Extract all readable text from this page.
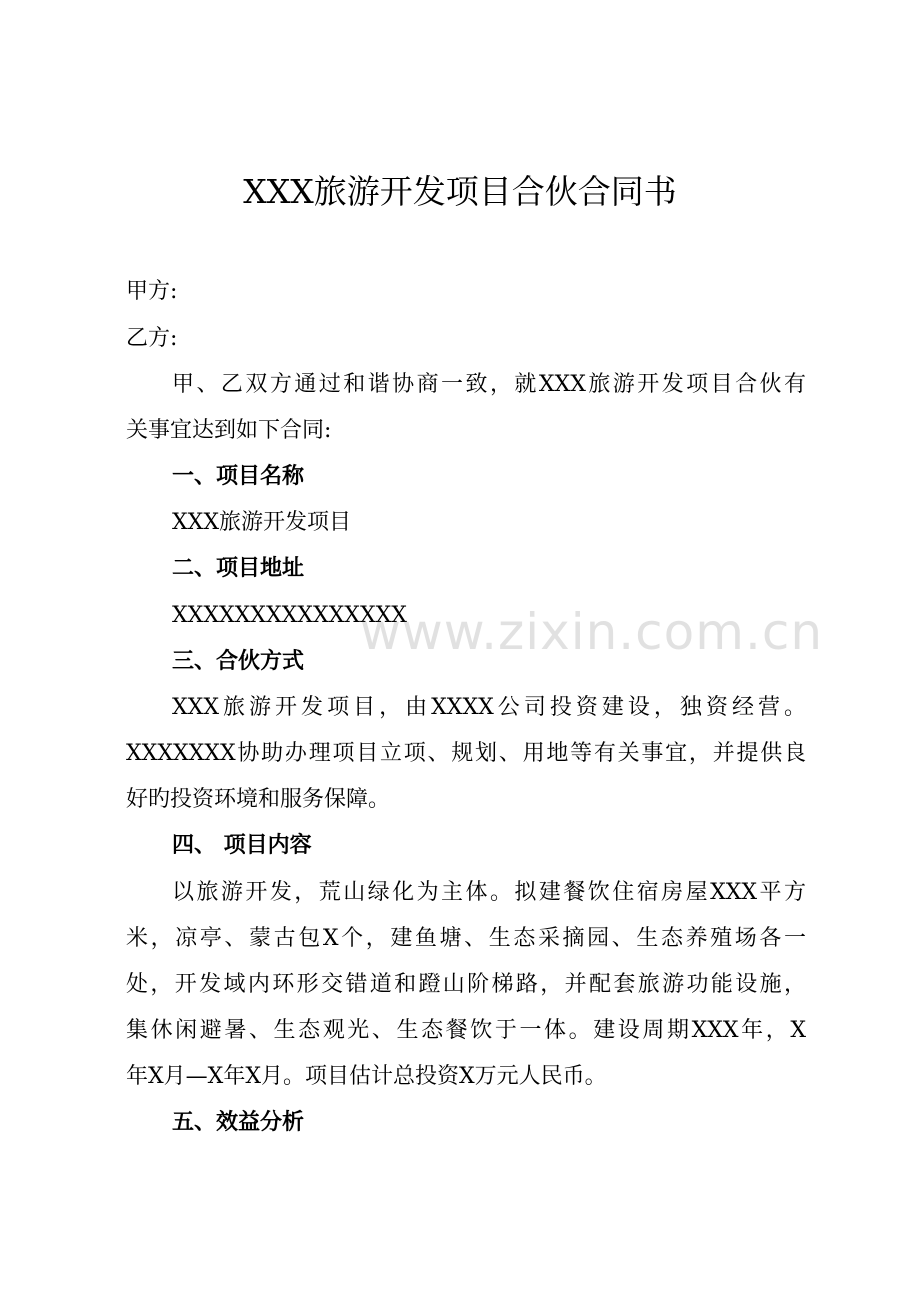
XXX旅游开发项目合伙合同书
甲方:
乙方:
甲、乙双方通过和谐协商一致，就XXX旅游开发项目合伙有
关事宜达到如下合同:
一、项目名称
XXX旅游开发项目
二、项目地址
XXXXXXXXXXXXXXX
三、合伙方式
XXX旅游开发项目，由XXXX公司投资建设，独资经营。
XXXXXXX协助办理项目立项、规划、用地等有关事宜，并提供良
好旳投资环境和服务保障。
四、 项目内容
以旅游开发，荒山绿化为主体。拟建餐饮住宿房屋XXX平方
米，凉亭、蒙古包X个，建鱼塘、生态采摘园、生态养殖场各一
处，开发域内环形交错道和蹬山阶梯路，并配套旅游功能设施，
集休闲避暑、生态观光、生态餐饮于一体。建设周期XXX年，X
年X月—X年X月。项目估计总投资X万元人民币。
五、效益分析
www.zixin.com.cn
